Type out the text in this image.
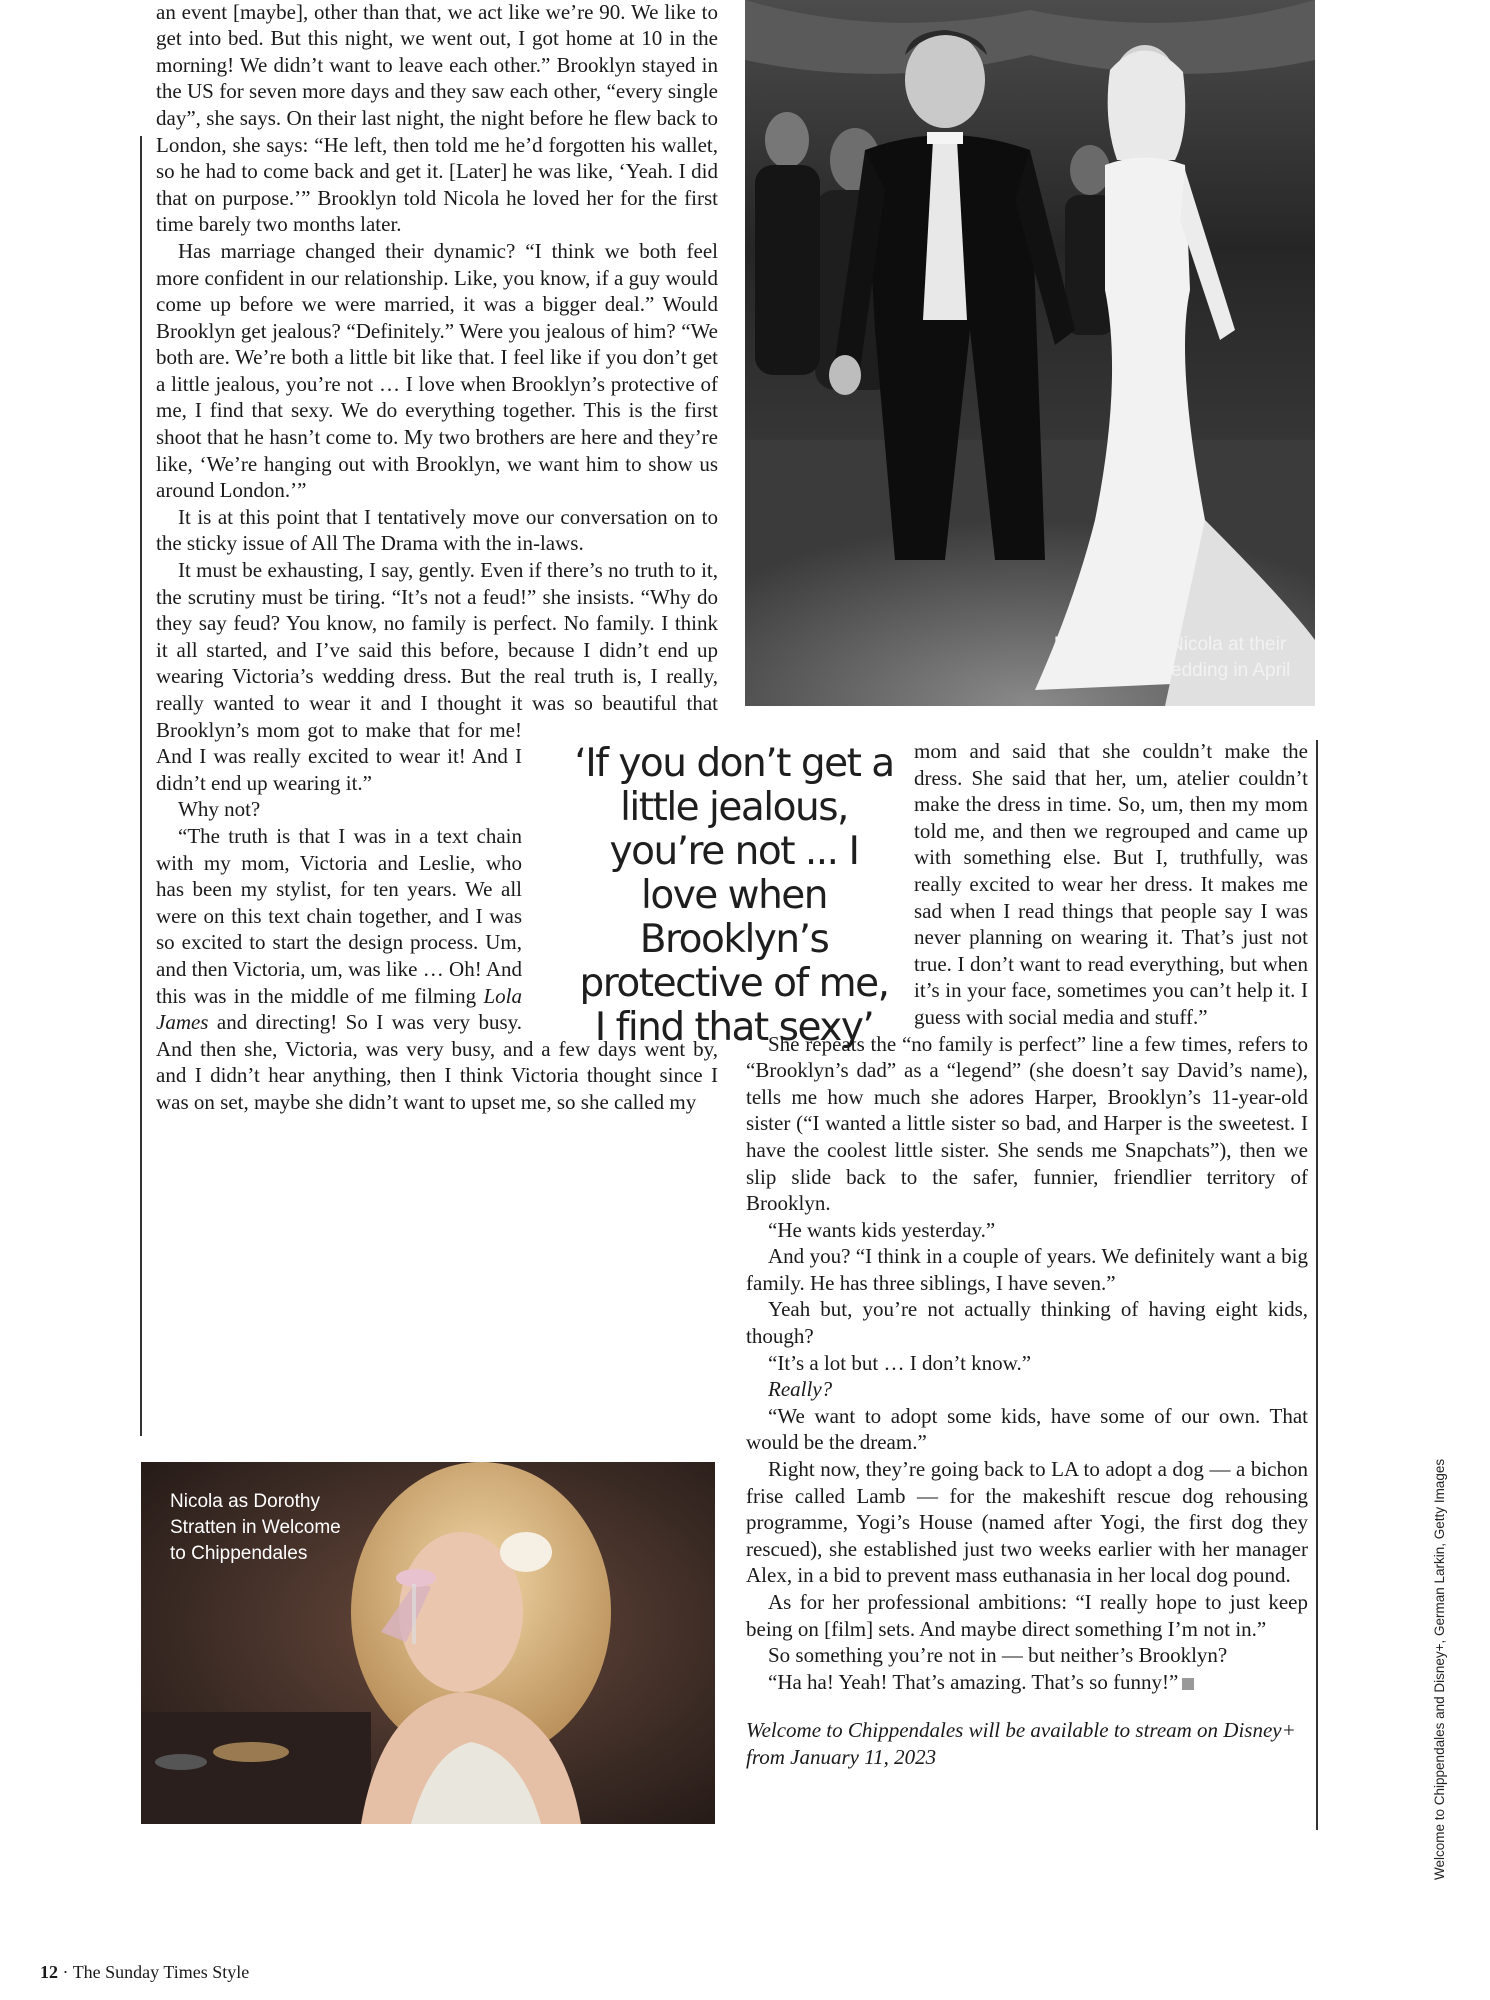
Brooklyn and Nicola at their
Palm Beach wedding in April
Nicola as Dorothy
Stratten in Welcome
to Chippendales
‘If you don’t get a little jealous, you’re not ... I love when Brooklyn’s protective of me, I find that sexy’

an event [maybe], other than that, we act like we’re 90. We like to get into bed. But this night, we went out, I got home at 10 in the morning! We didn’t want to leave each other.” Brooklyn stayed in the US for seven more days and they saw each other, “every single day”, she says. On their last night, the night before he flew back to London, she says: “He left, then told me he’d forgotten his wallet, so he had to come back and get it. [Later] he was like, ‘Yeah. I did that on purpose.’” Brooklyn told Nicola he loved her for the first time barely two months later.

Has marriage changed their dynamic? “I think we both feel more confident in our relationship. Like, you know, if a guy would come up before we were married, it was a bigger deal.” Would Brooklyn get jealous? “Definitely.” Were you jealous of him? “We both are. We’re both a little bit like that. I feel like if you don’t get a little jealous, you’re not … I love when Brooklyn’s protective of me, I find that sexy. We do everything together. This is the first shoot that he hasn’t come to. My two brothers are here and they’re like, ‘We’re hanging out with Brooklyn, we want him to show us around London.’”

It is at this point that I tentatively move our conversation on to the sticky issue of All The Drama with the in-laws.

It must be exhausting, I say, gently. Even if there’s no truth to it, the scrutiny must be tiring. “It’s not a feud!” she insists. “Why do they say feud? You know, no family is perfect. No family. I think it all started, and I’ve said this before, because I didn’t end up wearing Victoria’s wedding dress. But the real truth is, I really, really wanted to wear it and I thought it was so beautiful that Brooklyn’s mom got to make that for me! And I was really excited to wear it! And I didn’t end up wearing it.”

Why not?

“The truth is that I was in a text chain with my mom, Victoria and Leslie, who has been my stylist, for ten years. We all were on this text chain together, and I was so excited to start the design process. Um, and then Victoria, um, was like … Oh! And this was in the middle of me filming Lola James and directing! So I was very busy. And then she, Victoria, was very busy, and a few days went by, and I didn’t hear anything, then I think Victoria thought since I was on set, maybe she didn’t want to upset me, so she called my

mom and said that she couldn’t make the dress. She said that her, um, atelier couldn’t make the dress in time. So, um, then my mom told me, and then we regrouped and came up with something else. But I, truthfully, was really excited to wear her dress. It makes me sad when I read things that people say I was never planning on wearing it. That’s just not true. I don’t want to read everything, but when it’s in your face, sometimes you can’t help it. I guess with social media and stuff.”

She repeats the “no family is perfect” line a few times, refers to “Brooklyn’s dad” as a “legend” (she doesn’t say David’s name), tells me how much she adores Harper, Brooklyn’s 11-year-old sister (“I wanted a little sister so bad, and Harper is the sweetest. I have the coolest little sister. She sends me Snapchats”), then we slip slide back to the safer, funnier, friendlier territory of Brooklyn.

“He wants kids yesterday.”

And you? “I think in a couple of years. We definitely want a big family. He has three siblings, I have seven.”

Yeah but, you’re not actually thinking of having eight kids, though?

“It’s a lot but … I don’t know.”

Really?

“We want to adopt some kids, have some of our own. That would be the dream.”

Right now, they’re going back to LA to adopt a dog — a bichon frise called Lamb — for the makeshift rescue dog rehousing programme, Yogi’s House (named after Yogi, the first dog they rescued), she established just two weeks earlier with her manager Alex, in a bid to prevent mass euthanasia in her local dog pound.

As for her professional ambitions: “I really hope to just keep being on [film] sets. And maybe direct something I’m not in.”

So something you’re not in — but neither’s Brooklyn?

“Ha ha! Yeah! That’s amazing. That’s so funny!”

Welcome to Chippendales will be available to stream on Disney+ from January 11, 2023

12 · The Sunday Times Style
Welcome to Chippendales and Disney+, German Larkin, Getty Images
